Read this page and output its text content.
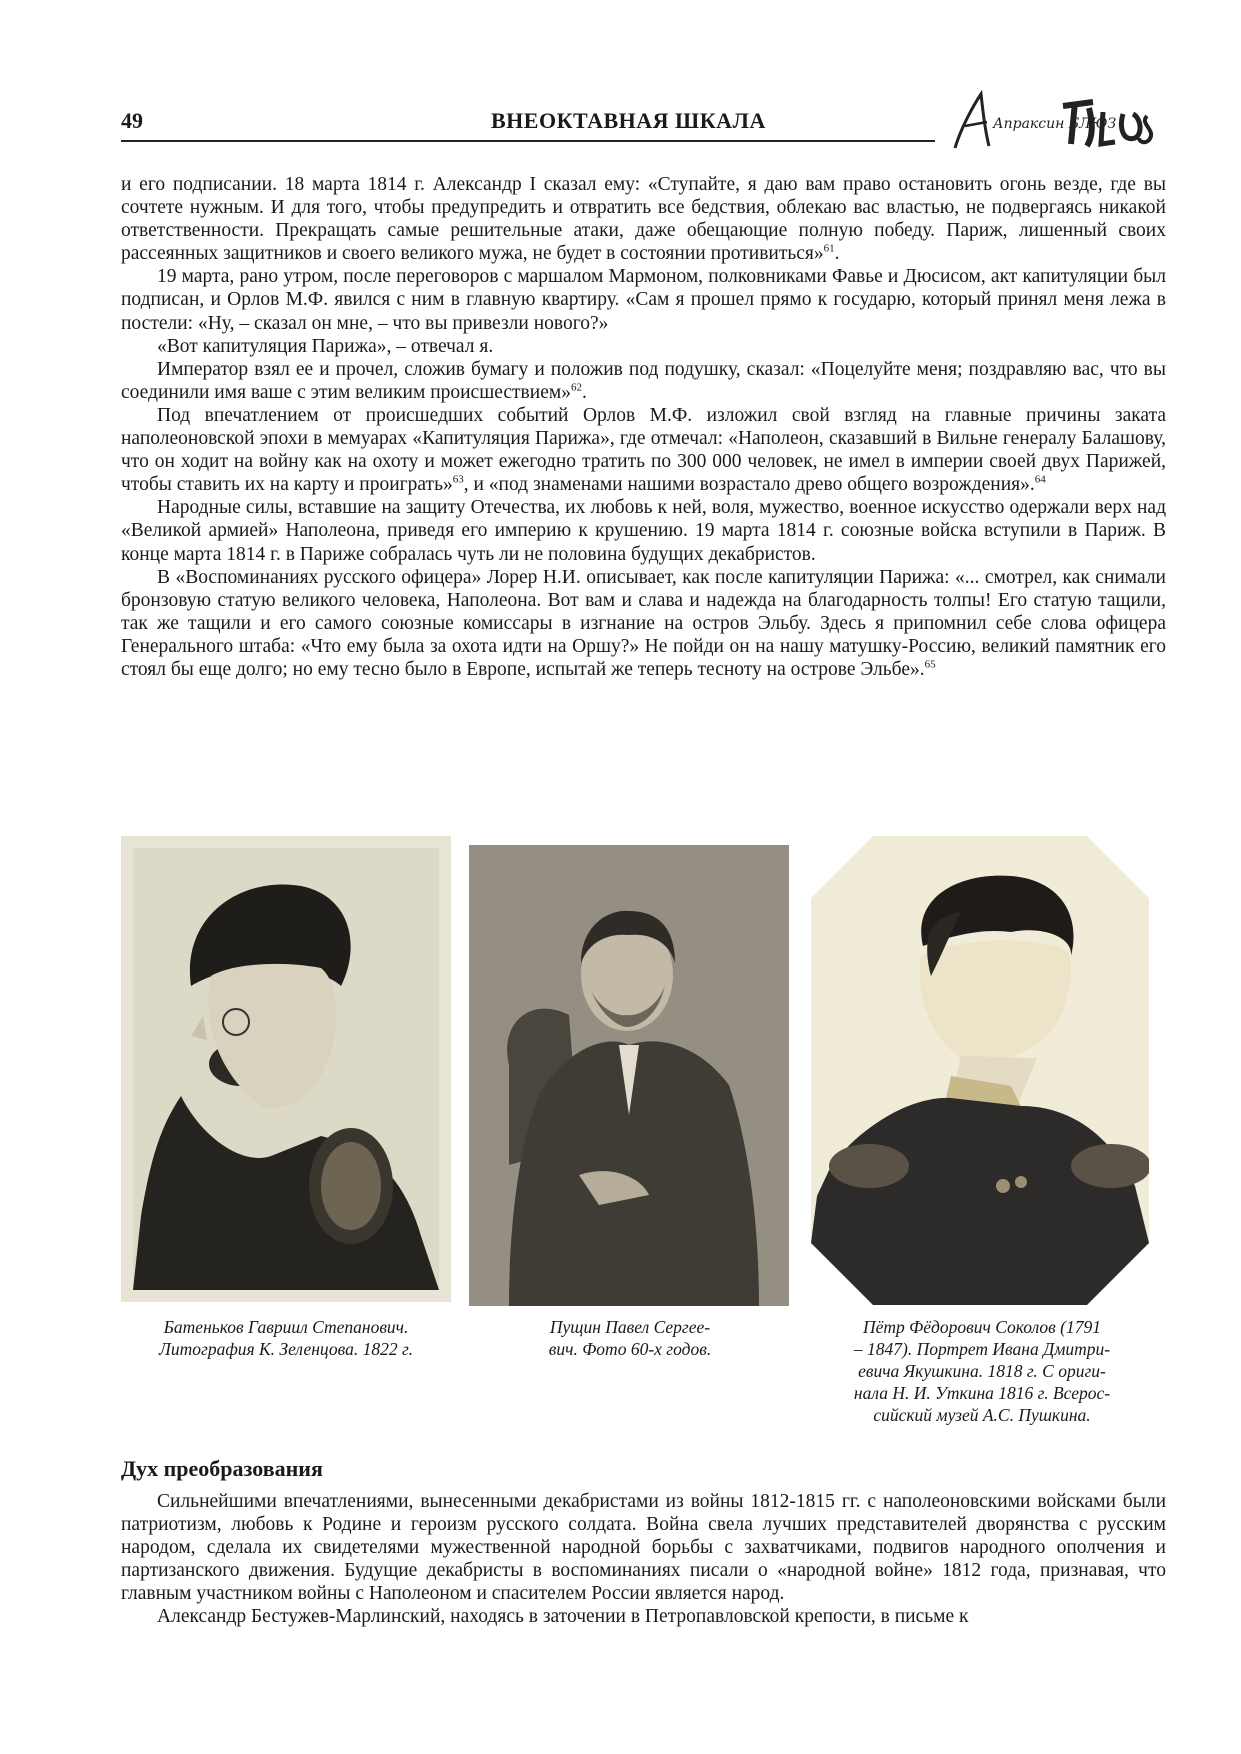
49	ВНЕОКТАВНАЯ ШКАЛА	Апраксин БЛЮЗ

и его подписании. 18 марта 1814 г. Александр I сказал ему: «Ступайте, я даю вам право остановить огонь везде, где вы сочтете нужным. И для того, чтобы предупредить и отвратить все бедствия, облекаю вас властью, не подвергаясь никакой ответственности. Прекращать самые решительные атаки, даже обещающие полную победу. Париж, лишенный своих рассеянных защитников и своего великого мужа, не будет в состоянии противиться»$^{61}$.

19 марта, рано утром, после переговоров с маршалом Мармоном, полковниками Фавье и Дюсисом, акт капитуляции был подписан, и Орлов М.Ф. явился с ним в главную квартиру. «Сам я прошел прямо к государю, который принял меня лежа в постели: «Ну, – сказал он мне, – что вы привезли нового?»

«Вот капитуляция Парижа», – отвечал я.

Император взял ее и прочел, сложив бумагу и положив под подушку, сказал: «Поцелуйте меня; поздравляю вас, что вы соединили имя ваше с этим великим происшествием»$^{62}$.

Под впечатлением от происшедших событий Орлов М.Ф. изложил свой взгляд на главные причины заката наполеоновской эпохи в мемуарах «Капитуляция Парижа», где отмечал: «Наполеон, сказавший в Вильне генералу Балашову, что он ходит на войну как на охоту и может ежегодно тратить по 300 000 человек, не имел в империи своей двух Парижей, чтобы ставить их на карту и проиграть»$^{63}$, и «под знаменами нашими возрастало древо общего возрождения».$^{64}$

Народные силы, вставшие на защиту Отечества, их любовь к ней, воля, мужество, военное искусство одержали верх над «Великой армией» Наполеона, приведя его империю к крушению. 19 марта 1814 г. союзные войска вступили в Париж. В конце марта 1814 г. в Париже собралась чуть ли не половина будущих декабристов.

В «Воспоминаниях русского офицера» Лорер Н.И. описывает, как после капитуляции Парижа: «... смотрел, как снимали бронзовую статую великого человека, Наполеона. Вот вам и слава и надежда на благодарность толпы! Его статую тащили, так же тащили и его самого союзные комиссары в изгнание на остров Эльбу. Здесь я припомнил себе слова офицера Генерального штаба: «Что ему была за охота идти на Оршу?» Не пойди он на нашу матушку-Россию, великий памятник его стоял бы еще долго; но ему тесно было в Европе, испытай же теперь тесноту на острове Эльбе».$^{65}$

Батеньков Гавриил Степанович.
Литография К. Зеленцова. 1822 г.
Пущин Павел Сергее-
вич. Фото 60-х годов.
Пётр Фёдорович Соколов (1791
– 1847). Портрет Ивана Дмитри-
евича Якушкина. 1818 г. С ориги-
нала Н. И. Уткина 1816 г. Всерос-
сийский музей А.С. Пушкина.
Дух преобразования

Сильнейшими впечатлениями, вынесенными декабристами из войны 1812-1815 гг. с наполеоновскими войсками были патриотизм, любовь к Родине и героизм русского солдата. Война свела лучших представителей дворянства с русским народом, сделала их свидетелями мужественной народной борьбы с захватчиками, подвигов народного ополчения и партизанского движения. Будущие декабристы в воспоминаниях писали о «народной войне» 1812 года, признавая, что главным участником войны с Наполеоном и спасителем России является народ.

Александр Бестужев-Марлинский, находясь в заточении в Петропавловской крепости, в письме к
